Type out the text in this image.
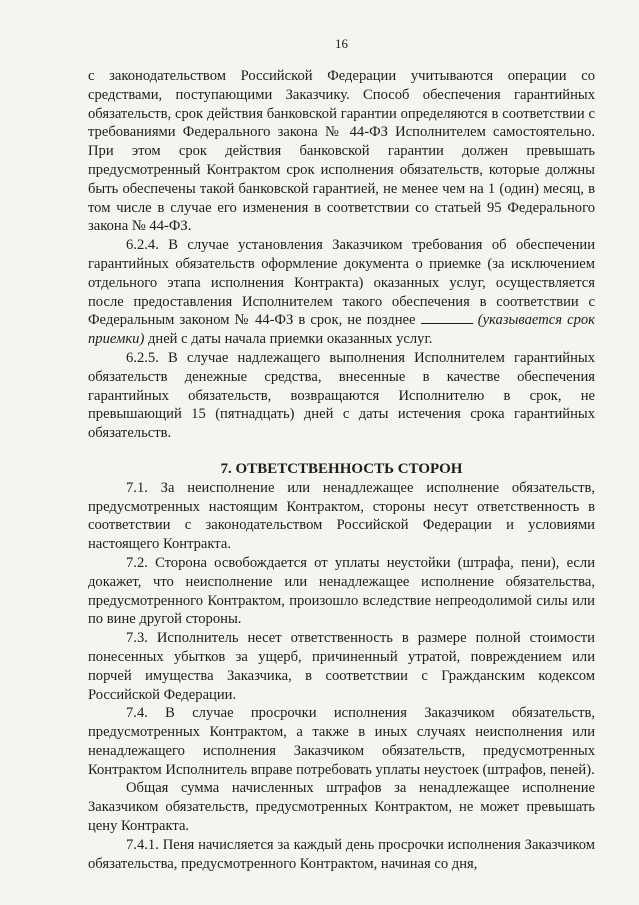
16

с законодательством Российской Федерации учитываются операции со средствами, поступающими Заказчику. Способ обеспечения гарантийных обязательств, срок действия банковской гарантии определяются в соответствии с требованиями Федерального закона № 44-ФЗ Исполнителем самостоятельно. При этом срок действия банковской гарантии должен превышать предусмотренный Контрактом срок исполнения обязательств, которые должны быть обеспечены такой банковской гарантией, не менее чем на 1 (один) месяц, в том числе в случае его изменения в соответствии со статьей 95 Федерального закона № 44-ФЗ.

6.2.4. В случае установления Заказчиком требования об обеспечении гарантийных обязательств оформление документа о приемке (за исключением отдельного этапа исполнения Контракта) оказанных услуг, осуществляется после предоставления Исполнителем такого обеспечения в соответствии с Федеральным законом № 44-ФЗ в срок, не позднее	(указывается срок приемки) дней с даты начала приемки оказанных услуг.

6.2.5. В случае надлежащего выполнения Исполнителем гарантийных обязательств денежные средства, внесенные в качестве обеспечения гарантийных обязательств, возвращаются Исполнителю в срок, не превышающий 15 (пятнадцать) дней с даты истечения срока гарантийных обязательств.

7. ОТВЕТСТВЕННОСТЬ СТОРОН

7.1. За неисполнение или ненадлежащее исполнение обязательств, предусмотренных настоящим Контрактом, стороны несут ответственность в соответствии с законодательством Российской Федерации и условиями настоящего Контракта.

7.2. Сторона освобождается от уплаты неустойки (штрафа, пени), если докажет, что неисполнение или ненадлежащее исполнение обязательства, предусмотренного Контрактом, произошло вследствие непреодолимой силы или по вине другой стороны.

7.3. Исполнитель несет ответственность в размере полной стоимости понесенных убытков за ущерб, причиненный утратой, повреждением или порчей имущества Заказчика, в соответствии с Гражданским кодексом Российской Федерации.

7.4. В случае просрочки исполнения Заказчиком обязательств, предусмотренных Контрактом, а также в иных случаях неисполнения или ненадлежащего исполнения Заказчиком обязательств, предусмотренных Контрактом Исполнитель вправе потребовать уплаты неустоек (штрафов, пеней).

Общая сумма начисленных штрафов за ненадлежащее исполнение Заказчиком обязательств, предусмотренных Контрактом, не может превышать цену Контракта.

7.4.1. Пеня начисляется за каждый день просрочки исполнения Заказчиком обязательства, предусмотренного Контрактом, начиная со дня,
